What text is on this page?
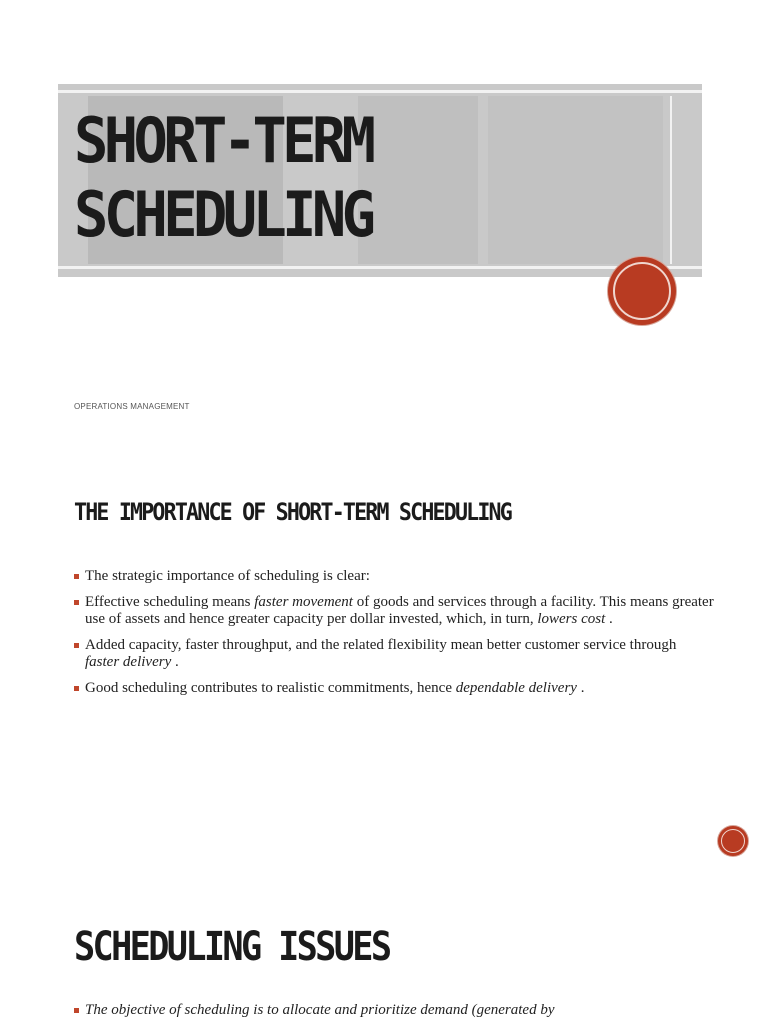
SHORT-TERM
SCHEDULING
OPERATIONS MANAGEMENT
THE IMPORTANCE OF SHORT-TERM SCHEDULING
The strategic importance of scheduling is clear:
Effective scheduling means faster movement of goods and services through a facility. This means greater use of assets and hence greater capacity per dollar invested, which, in turn, lowers cost .
Added capacity, faster throughput, and the related flexibility mean better customer service through faster delivery .
Good scheduling contributes to realistic commitments, hence dependable delivery .
SCHEDULING ISSUES
The objective of scheduling is to allocate and prioritize demand (generated by
